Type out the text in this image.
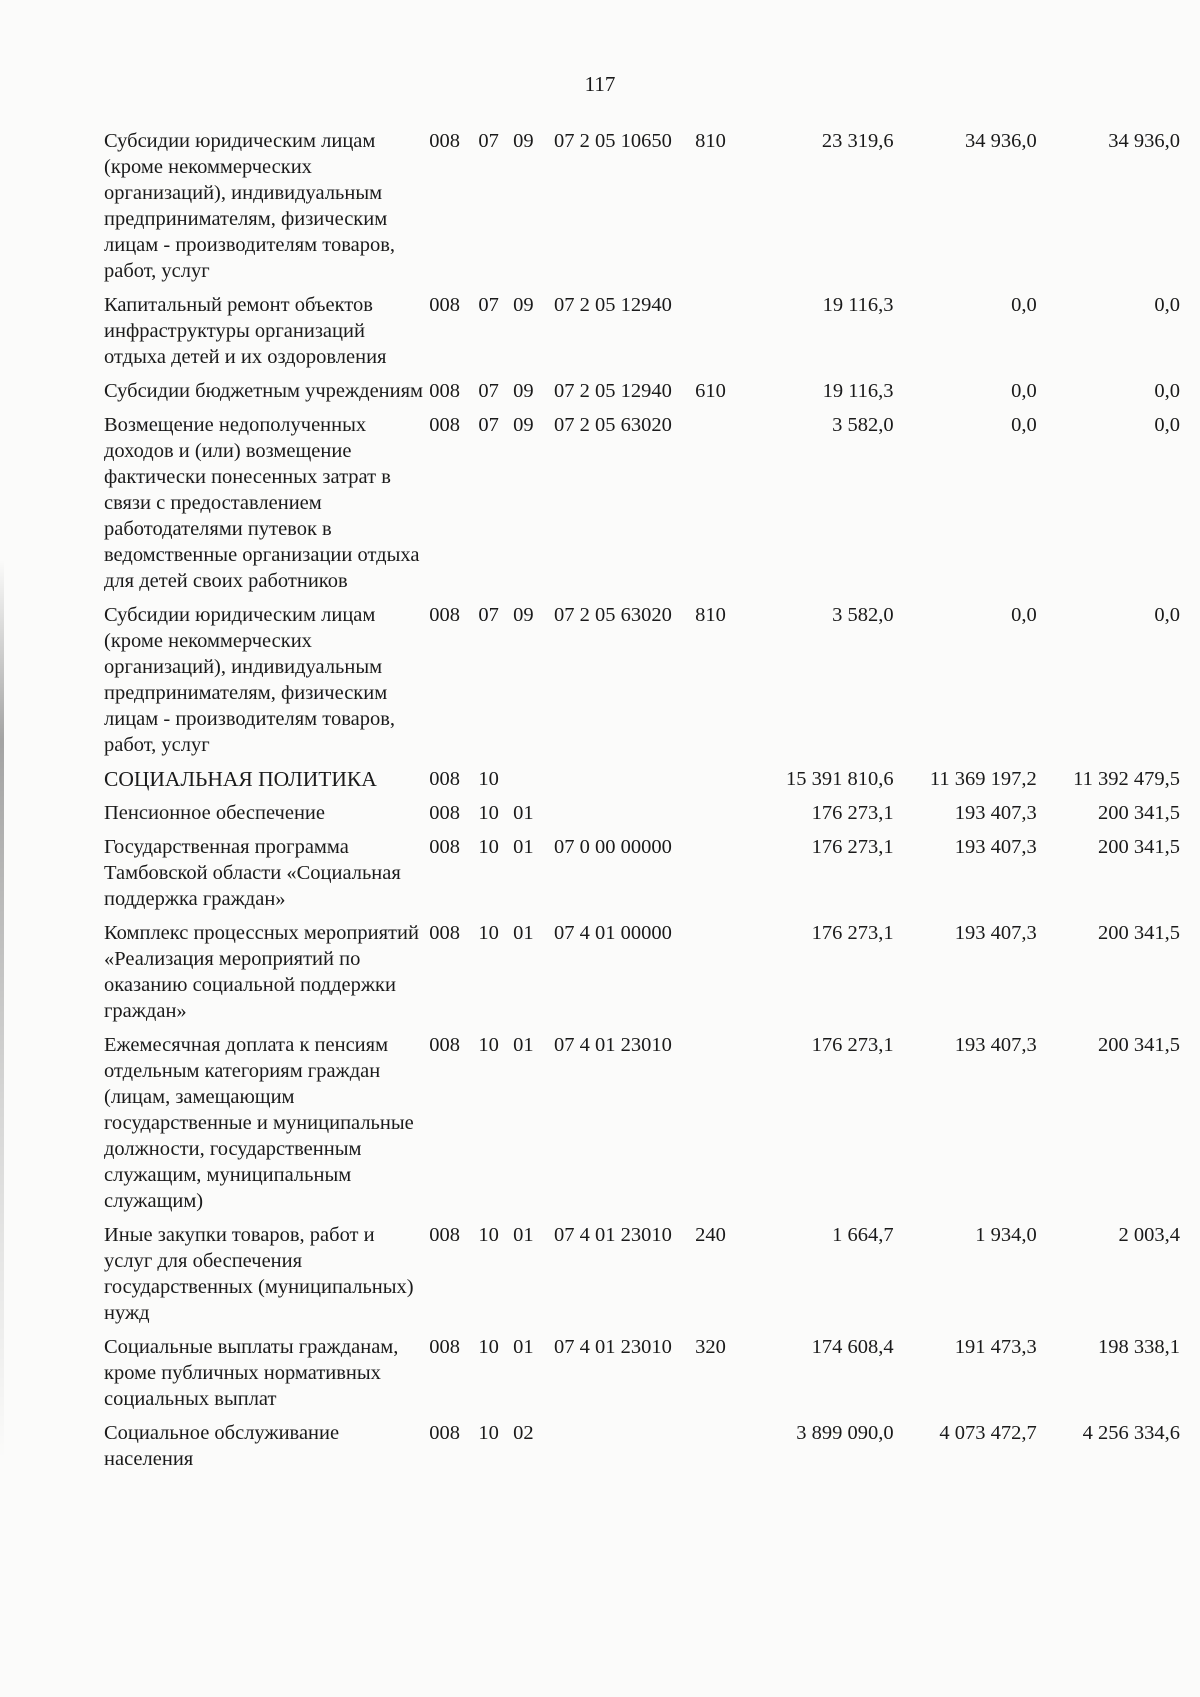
117
Субсидии юридическим лицам (кроме некоммерческих организаций), индивидуальным предпринимателям, физическим лицам - производителям товаров, работ, услуг	008	07	09	07 2 05 10650	810	23 319,6	34 936,0	34 936,0
Капитальный ремонт объектов инфраструктуры организаций отдыха детей и их оздоровления	008	07	09	07 2 05 12940		19 116,3	0,0	0,0
Субсидии бюджетным учреждениям	008	07	09	07 2 05 12940	610	19 116,3	0,0	0,0
Возмещение недополученных доходов и (или) возмещение фактически понесенных затрат в связи с предоставлением работодателями путевок в ведомственные организации отдыха для детей своих работников	008	07	09	07 2 05 63020		3 582,0	0,0	0,0
Субсидии юридическим лицам (кроме некоммерческих организаций), индивидуальным предпринимателям, физическим лицам - производителям товаров, работ, услуг	008	07	09	07 2 05 63020	810	3 582,0	0,0	0,0
СОЦИАЛЬНАЯ ПОЛИТИКА	008	10				15 391 810,6	11 369 197,2	11 392 479,5
Пенсионное обеспечение	008	10	01			176 273,1	193 407,3	200 341,5
Государственная программа Тамбовской области «Социальная поддержка граждан»	008	10	01	07 0 00 00000		176 273,1	193 407,3	200 341,5
Комплекс процессных мероприятий «Реализация мероприятий по оказанию социальной поддержки граждан»	008	10	01	07 4 01 00000		176 273,1	193 407,3	200 341,5
Ежемесячная доплата к пенсиям отдельным категориям граждан (лицам, замещающим государственные и муниципальные должности, государственным служащим, муниципальным служащим)	008	10	01	07 4 01 23010		176 273,1	193 407,3	200 341,5
Иные закупки товаров, работ и услуг для обеспечения государственных (муниципальных) нужд	008	10	01	07 4 01 23010	240	1 664,7	1 934,0	2 003,4
Социальные выплаты гражданам, кроме публичных нормативных социальных выплат	008	10	01	07 4 01 23010	320	174 608,4	191 473,3	198 338,1
Социальное обслуживание населения	008	10	02			3 899 090,0	4 073 472,7	4 256 334,6
